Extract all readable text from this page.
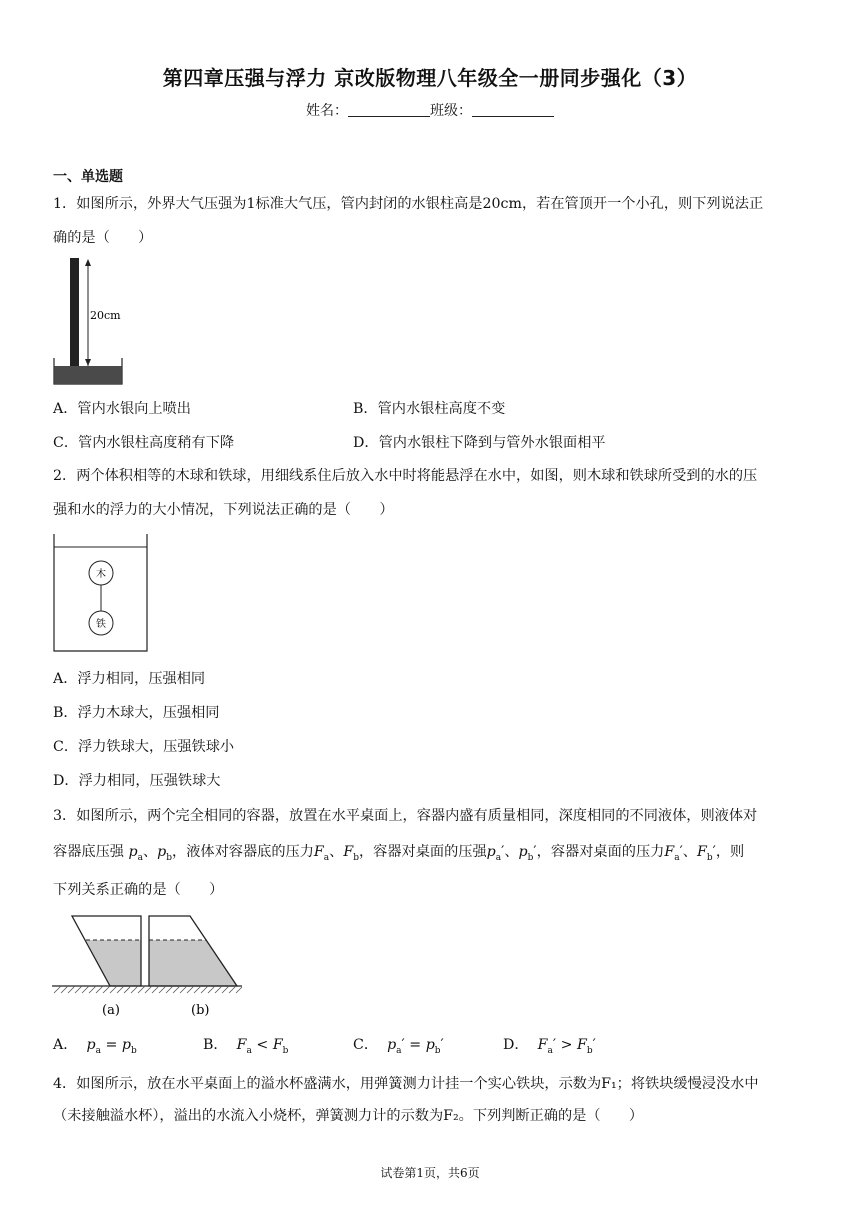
第四章压强与浮力 京改版物理八年级全一册同步强化（3）
姓名：	班级：
一、单选题
1．如图所示，外界大气压强为1标准大气压，管内封闭的水银柱高是20cm，若在管顶开一个小孔，则下列说法正
确的是（　　）
20cm
A．管内水银向上喷出	B．管内水银柱高度不变
C．管内水银柱高度稍有下降	D．管内水银柱下降到与管外水银面相平
2．两个体积相等的木球和铁球，用细线系住后放入水中时将能悬浮在水中，如图，则木球和铁球所受到的水的压
强和水的浮力的大小情况，下列说法正确的是（　　）
木
铁
A．浮力相同，压强相同
B．浮力木球大，压强相同
C．浮力铁球大，压强铁球小
D．浮力相同，压强铁球大
3．如图所示，两个完全相同的容器，放置在水平桌面上，容器内盛有质量相同，深度相同的不同液体，则液体对
容器底压强 $p_a$、$p_b$，液体对容器底的压力$F_a$、$F_b$，容器对桌面的压强$p_a'$、$p_b'$，容器对桌面的压力$F_a'$、$F_b'$，则
下列关系正确的是（　　）
(a)	(b)
A． $p_a = p_b$	B． $F_a < F_b$	C． $p_a' = p_b'$	D． $F_a' > F_b'$
4．如图所示，放在水平桌面上的溢水杯盛满水，用弹簧测力计挂一个实心铁块，示数为F₁；将铁块缓慢浸没水中
（未接触溢水杯），溢出的水流入小烧杯，弹簧测力计的示数为F₂。下列判断正确的是（　　）
试卷第1页，共6页
